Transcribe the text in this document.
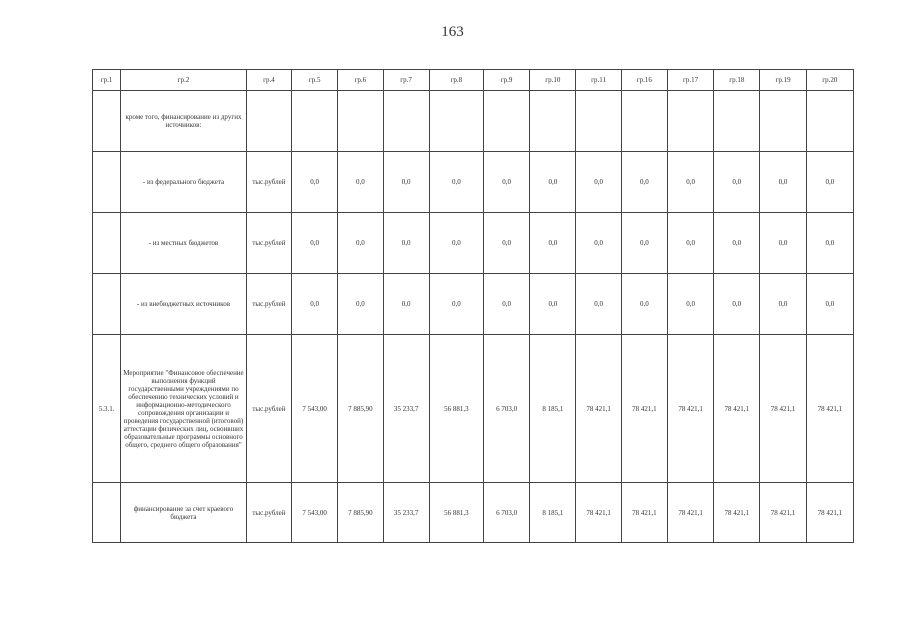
163
гр.1	гр.2	гр.4	гр.5	гр.6	гр.7	гр.8	гр.9	гр.10	гр.11	гр.16	гр.17	гр.18	гр.19	гр.20
	кроме того, финансирование из других источников:													
	- из федерального бюджета	тыс.рублей	0,0	0,0	0,0	0,0	0,0	0,0	0,0	0,0	0,0	0,0	0,0	0,0
	- из местных бюджетов	тыс.рублей	0,0	0,0	0,0	0,0	0,0	0,0	0,0	0,0	0,0	0,0	0,0	0,0
	- из внебюджетных источников	тыс.рублей	0,0	0,0	0,0	0,0	0,0	0,0	0,0	0,0	0,0	0,0	0,0	0,0
5.3.1.	Мероприятие "Финансовое обеспечение выполнения функций государственными учреждениями по обеспечению технических условий и информационно-методического сопровождения организации и проведения государственной (итоговой) аттестации физических лиц, освоивших образовательные программы основного общего, среднего общего образования"	тыс.рублей	7 543,00	7 885,90	35 233,7	56 881,3	6 703,0	8 185,1	78 421,1	78 421,1	78 421,1	78 421,1	78 421,1	78 421,1
	финансирование за счет краевого бюджета	тыс.рублей	7 543,00	7 885,90	35 233,7	56 881,3	6 703,0	8 185,1	78 421,1	78 421,1	78 421,1	78 421,1	78 421,1	78 421,1
